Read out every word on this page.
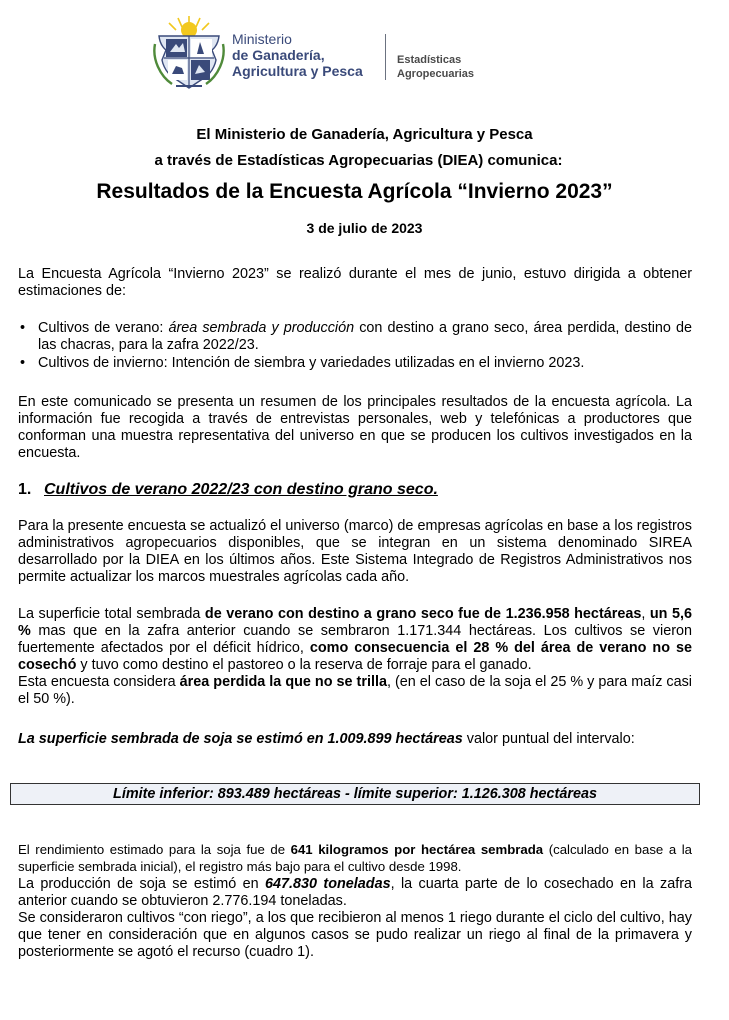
Ministerio
de Ganadería,
Agricultura y Pesca
Estadísticas
Agropecuarias
El Ministerio de Ganadería, Agricultura y Pesca
a través de Estadísticas Agropecuarias (DIEA) comunica:
Resultados de la Encuesta Agrícola “Invierno 2023”
3 de julio de 2023
La Encuesta Agrícola “Invierno 2023” se realizó durante el mes de junio, estuvo dirigida a obtener estimaciones de:
• Cultivos de verano: área sembrada y producción con destino a grano seco, área perdida, destino de las chacras, para la zafra 2022/23.
• Cultivos de invierno: Intención de siembra y variedades utilizadas en el invierno 2023.
En este comunicado se presenta un resumen de los principales resultados de la encuesta agrícola. La información fue recogida a través de entrevistas personales, web y telefónicas a productores que conforman una muestra representativa del universo en que se producen los cultivos investigados en la encuesta.
1. Cultivos de verano 2022/23 con destino grano seco.
Para la presente encuesta se actualizó el universo (marco) de empresas agrícolas en base a los registros administrativos agropecuarios disponibles, que se integran en un sistema denominado SIREA desarrollado por la DIEA en los últimos años. Este Sistema Integrado de Registros Administrativos nos permite actualizar los marcos muestrales agrícolas cada año.
La superficie total sembrada de verano con destino a grano seco fue de 1.236.958 hectáreas, un 5,6 % mas que en la zafra anterior cuando se sembraron 1.171.344 hectáreas. Los cultivos se vieron fuertemente afectados por el déficit hídrico, como consecuencia el 28 % del área de verano no se cosechó y tuvo como destino el pastoreo o la reserva de forraje para el ganado.
Esta encuesta considera área perdida la que no se trilla, (en el caso de la soja el 25 % y para maíz casi el 50 %).
La superficie sembrada de soja se estimó en 1.009.899 hectáreas valor puntual del intervalo:
Límite inferior: 893.489 hectáreas - límite superior: 1.126.308 hectáreas
El rendimiento estimado para la soja fue de 641 kilogramos por hectárea sembrada (calculado en base a la superficie sembrada inicial), el registro más bajo para el cultivo desde 1998.
La producción de soja se estimó en 647.830 toneladas, la cuarta parte de lo cosechado en la zafra anterior cuando se obtuvieron 2.776.194 toneladas.
Se consideraron cultivos “con riego”, a los que recibieron al menos 1 riego durante el ciclo del cultivo, hay que tener en consideración que en algunos casos se pudo realizar un riego al final de la primavera y posteriormente se agotó el recurso (cuadro 1).
